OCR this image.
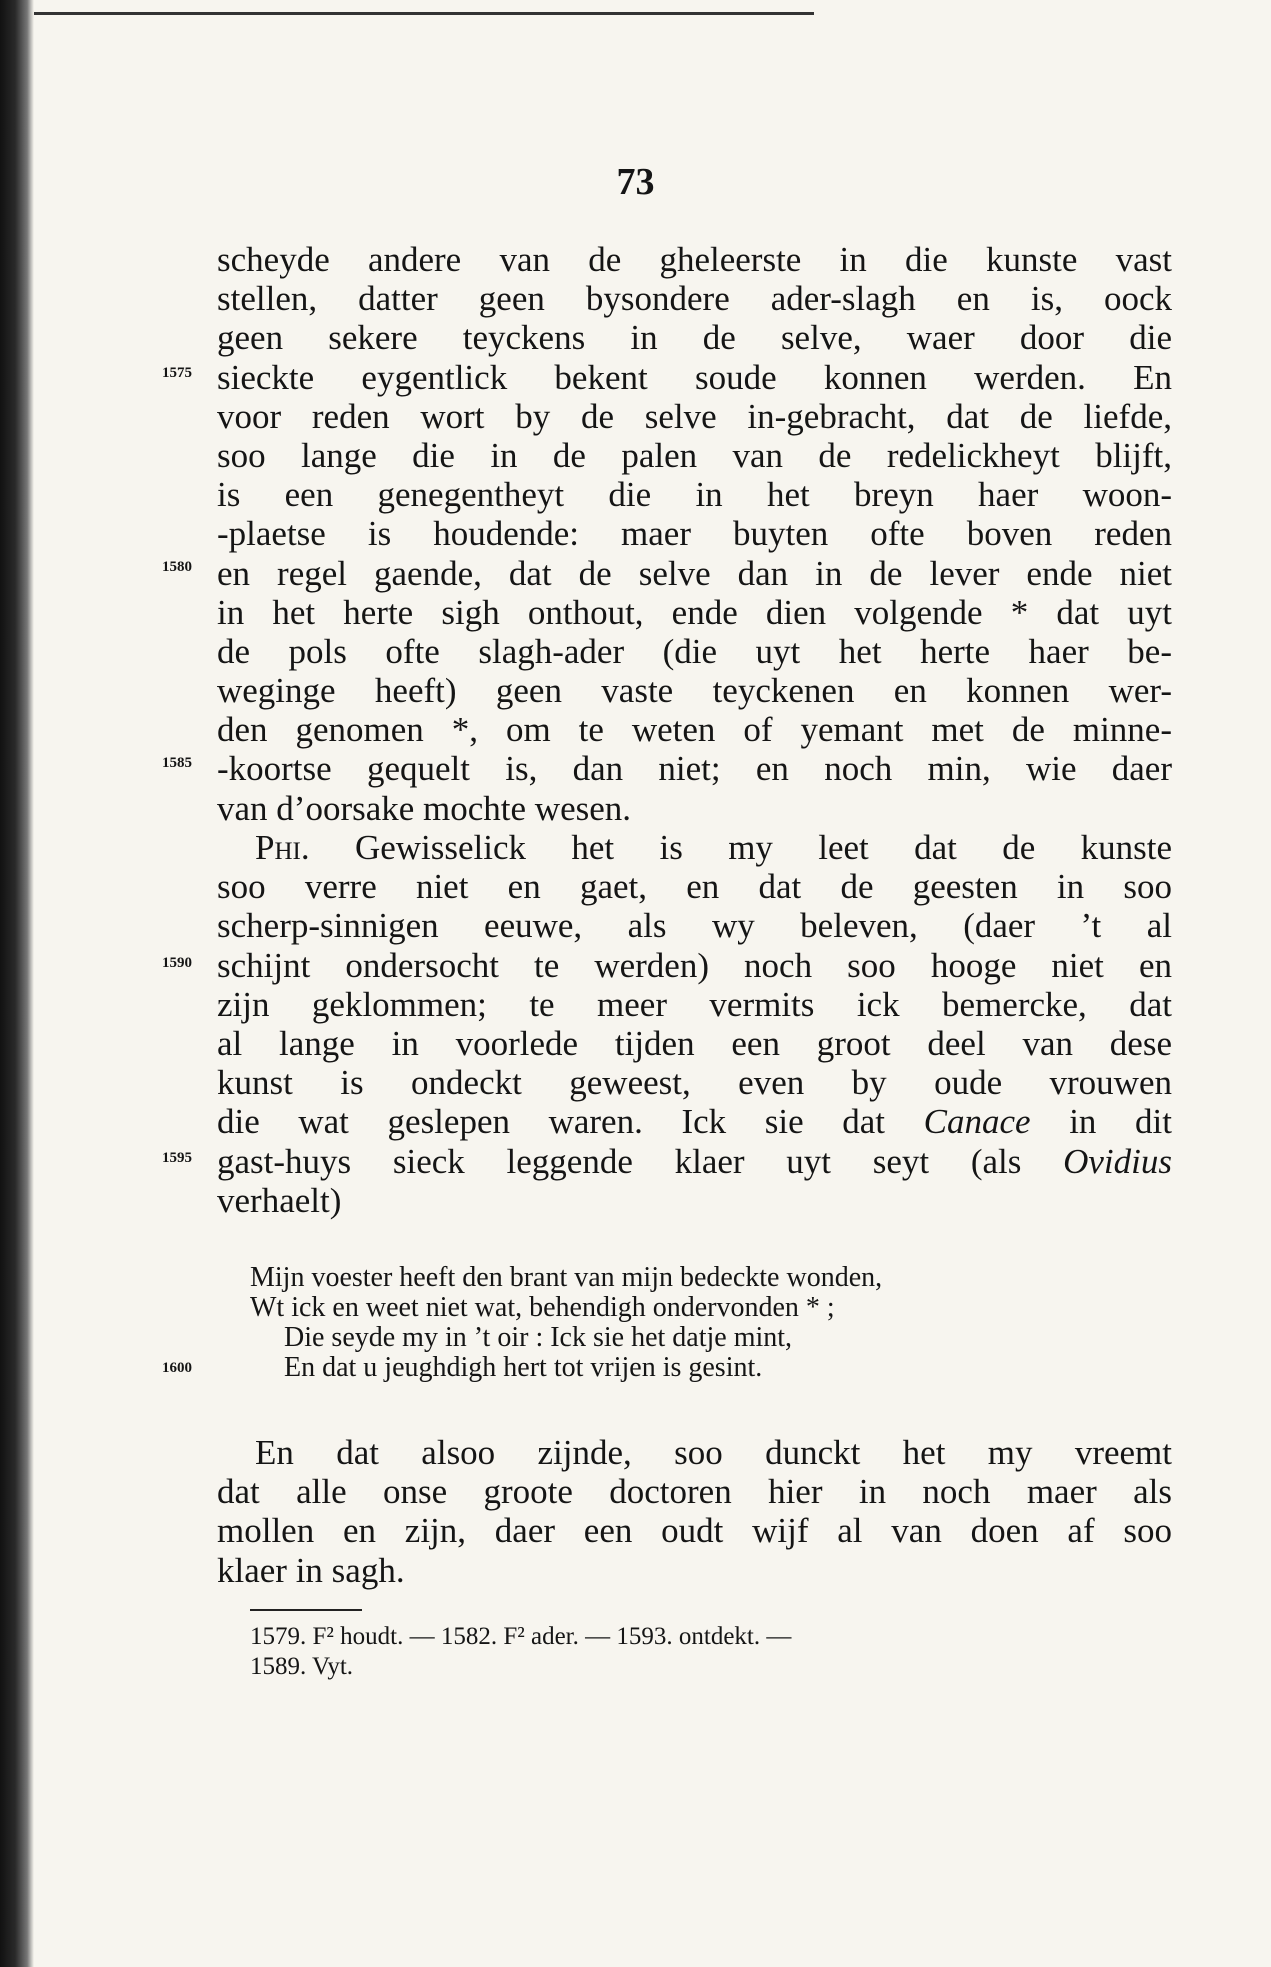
73
scheyde andere van de gheleerste in die kunste vast
stellen, datter geen bysondere ader-slagh en is, oock
geen sekere teyckens in de selve, waer door die
sieckte eygentlick bekent soude konnen werden. En
voor reden wort by de selve in-gebracht, dat de liefde,
soo lange die in de palen van de redelickheyt blijft,
is een genegentheyt die in het breyn haer woon-
-plaetse is houdende: maer buyten ofte boven reden
en regel gaende, dat de selve dan in de lever ende niet
in het herte sigh onthout, ende dien volgende * dat uyt
de pols ofte slagh-ader (die uyt het herte haer be-
weginge heeft) geen vaste teyckenen en konnen wer-
den genomen *, om te weten of yemant met de minne-
-koortse gequelt is, dan niet; en noch min, wie daer
van d’oorsake mochte wesen.
Phi. Gewisselick het is my leet dat de kunste
soo verre niet en gaet, en dat de geesten in soo
scherp-sinnigen eeuwe, als wy beleven, (daer ’t al
schijnt ondersocht te werden) noch soo hooge niet en
zijn geklommen; te meer vermits ick bemercke, dat
al lange in voorlede tijden een groot deel van dese
kunst is ondeckt geweest, even by oude vrouwen
die wat geslepen waren. Ick sie dat Canace in dit
gast-huys sieck leggende klaer uyt seyt (als Ovidius
verhaelt)
Mijn voester heeft den brant van mijn bedeckte wonden,
Wt ick en weet niet wat, behendigh ondervonden * ;
Die seyde my in ’t oir : Ick sie het datje mint,
En dat u jeughdigh hert tot vrijen is gesint.
En dat alsoo zijnde, soo dunckt het my vreemt
dat alle onse groote doctoren hier in noch maer als
mollen en zijn, daer een oudt wijf al van doen af soo
klaer in sagh.
1575
1580
1585
1590
1595
1600
1579. F² houdt. — 1582. F² ader. — 1593. ontdekt. —
1589. Vyt.
